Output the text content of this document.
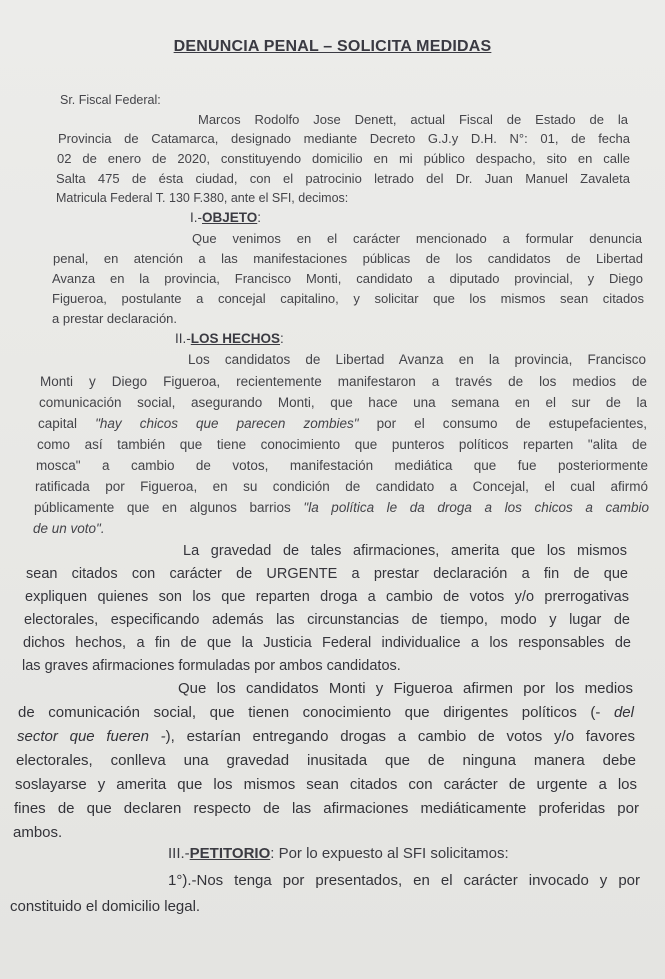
DENUNCIA PENAL – SOLICITA MEDIDAS
Sr. Fiscal Federal:
Marcos Rodolfo Jose Denett, actual Fiscal de Estado de la
Provincia de Catamarca, designado mediante Decreto G.J.y D.H. N°: 01, de fecha
02 de enero de 2020, constituyendo domicilio en mi público despacho, sito en calle
Salta 475 de ésta ciudad, con el patrocinio letrado del Dr. Juan Manuel Zavaleta
Matricula Federal T. 130 F.380, ante el SFI, decimos:
I.-OBJETO:
Que venimos en el carácter mencionado a formular denuncia
penal, en atención a las manifestaciones públicas de los candidatos de Libertad
Avanza en la provincia, Francisco Monti, candidato a diputado provincial, y Diego
Figueroa, postulante a concejal capitalino, y solicitar que los mismos sean citados
a prestar declaración.
II.-LOS HECHOS:
Los candidatos de Libertad Avanza en la provincia, Francisco
Monti y Diego Figueroa, recientemente manifestaron a través de los medios de
comunicación social, asegurando Monti, que hace una semana en el sur de la
capital "hay chicos que parecen zombies" por el consumo de estupefacientes,
como así también que tiene conocimiento que punteros políticos reparten "alita de
mosca" a cambio de votos, manifestación mediática que fue posteriormente
ratificada por Figueroa, en su condición de candidato a Concejal, el cual afirmó
públicamente que en algunos barrios "la política le da droga a los chicos a cambio
de un voto".
La gravedad de tales afirmaciones, amerita que los mismos
sean citados con carácter de URGENTE a prestar declaración a fin de que
expliquen quienes son los que reparten droga a cambio de votos y/o prerrogativas
electorales, especificando además las circunstancias de tiempo, modo y lugar de
dichos hechos, a fin de que la Justicia Federal individualice a los responsables de
las graves afirmaciones formuladas por ambos candidatos.
Que los candidatos Monti y Figueroa afirmen por los medios
de comunicación social, que tienen conocimiento que dirigentes políticos (- del
sector que fueren -), estarían entregando drogas a cambio de votos y/o favores
electorales, conlleva una gravedad inusitada que de ninguna manera debe
soslayarse y amerita que los mismos sean citados con carácter de urgente a los
fines de que declaren respecto de las afirmaciones mediáticamente proferidas por
ambos.
III.-PETITORIO: Por lo expuesto al SFI solicitamos:
1°).-Nos tenga por presentados, en el carácter invocado y por
constituido el domicilio legal.
